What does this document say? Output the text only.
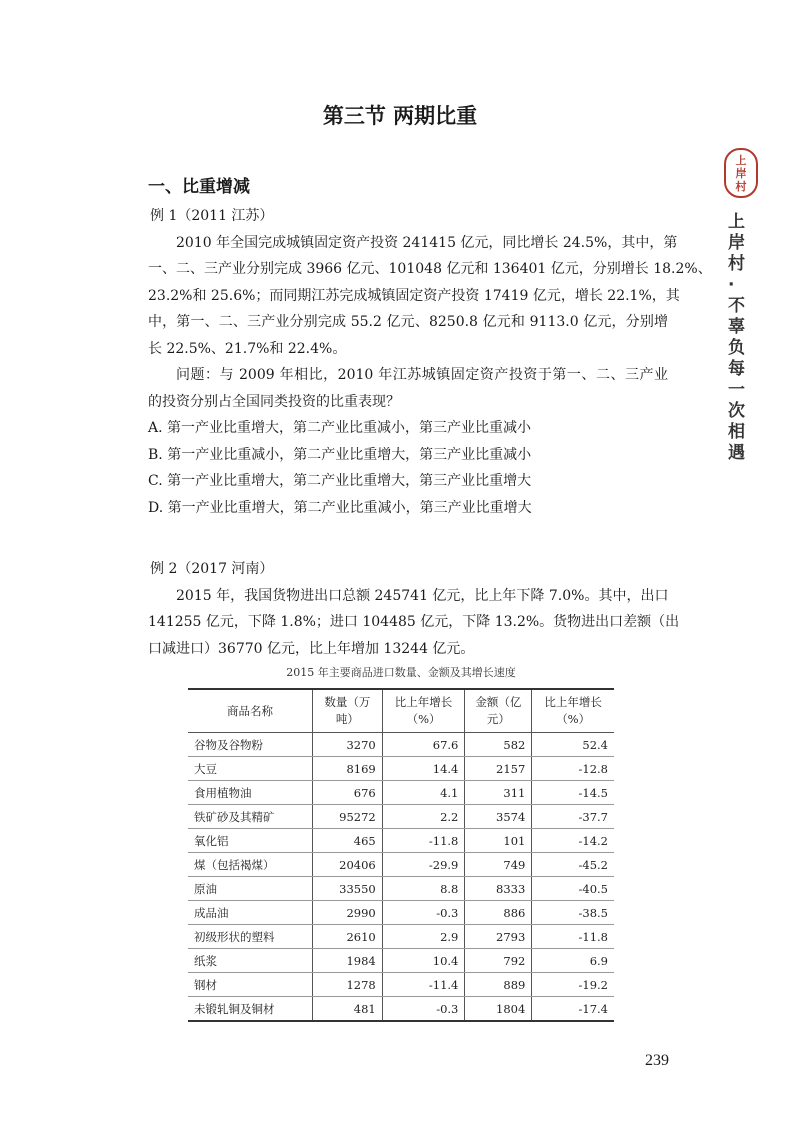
第三节 两期比重
一、比重增减
上
岸
村
上岸村·不辜负每一次相遇
例 1（2011 江苏）
2010 年全国完成城镇固定资产投资 241415 亿元，同比增长 24.5%，其中，第
一、二、三产业分别完成 3966 亿元、101048 亿元和 136401 亿元，分别增长 18.2%、
23.2%和 25.6%；而同期江苏完成城镇固定资产投资 17419 亿元，增长 22.1%，其
中，第一、二、三产业分别完成 55.2 亿元、8250.8 亿元和 9113.0 亿元，分别增
长 22.5%、21.7%和 22.4%。
问题：与 2009 年相比，2010 年江苏城镇固定资产投资于第一、二、三产业
的投资分别占全国同类投资的比重表现？
A. 第一产业比重增大，第二产业比重减小，第三产业比重减小
B. 第一产业比重减小，第二产业比重增大，第三产业比重减小
C. 第一产业比重增大，第二产业比重增大，第三产业比重增大
D. 第一产业比重增大，第二产业比重减小，第三产业比重增大
例 2（2017 河南）
2015 年，我国货物进出口总额 245741 亿元，比上年下降 7.0%。其中，出口
141255 亿元，下降 1.8%；进口 104485 亿元，下降 13.2%。货物进出口差额（出
口减进口）36770 亿元，比上年增加 13244 亿元。
2015 年主要商品进口数量、金额及其增长速度
商品名称	数量（万吨）	比上年增长（%）	金额（亿元）	比上年增长（%）
谷物及谷物粉	3270	67.6	582	52.4
大豆	8169	14.4	2157	-12.8
食用植物油	676	4.1	311	-14.5
铁矿砂及其精矿	95272	2.2	3574	-37.7
氧化铝	465	-11.8	101	-14.2
煤（包括褐煤）	20406	-29.9	749	-45.2
原油	33550	8.8	8333	-40.5
成品油	2990	-0.3	886	-38.5
初级形状的塑料	2610	2.9	2793	-11.8
纸浆	1984	10.4	792	6.9
钢材	1278	-11.4	889	-19.2
未锻轧铜及铜材	481	-0.3	1804	-17.4
239
